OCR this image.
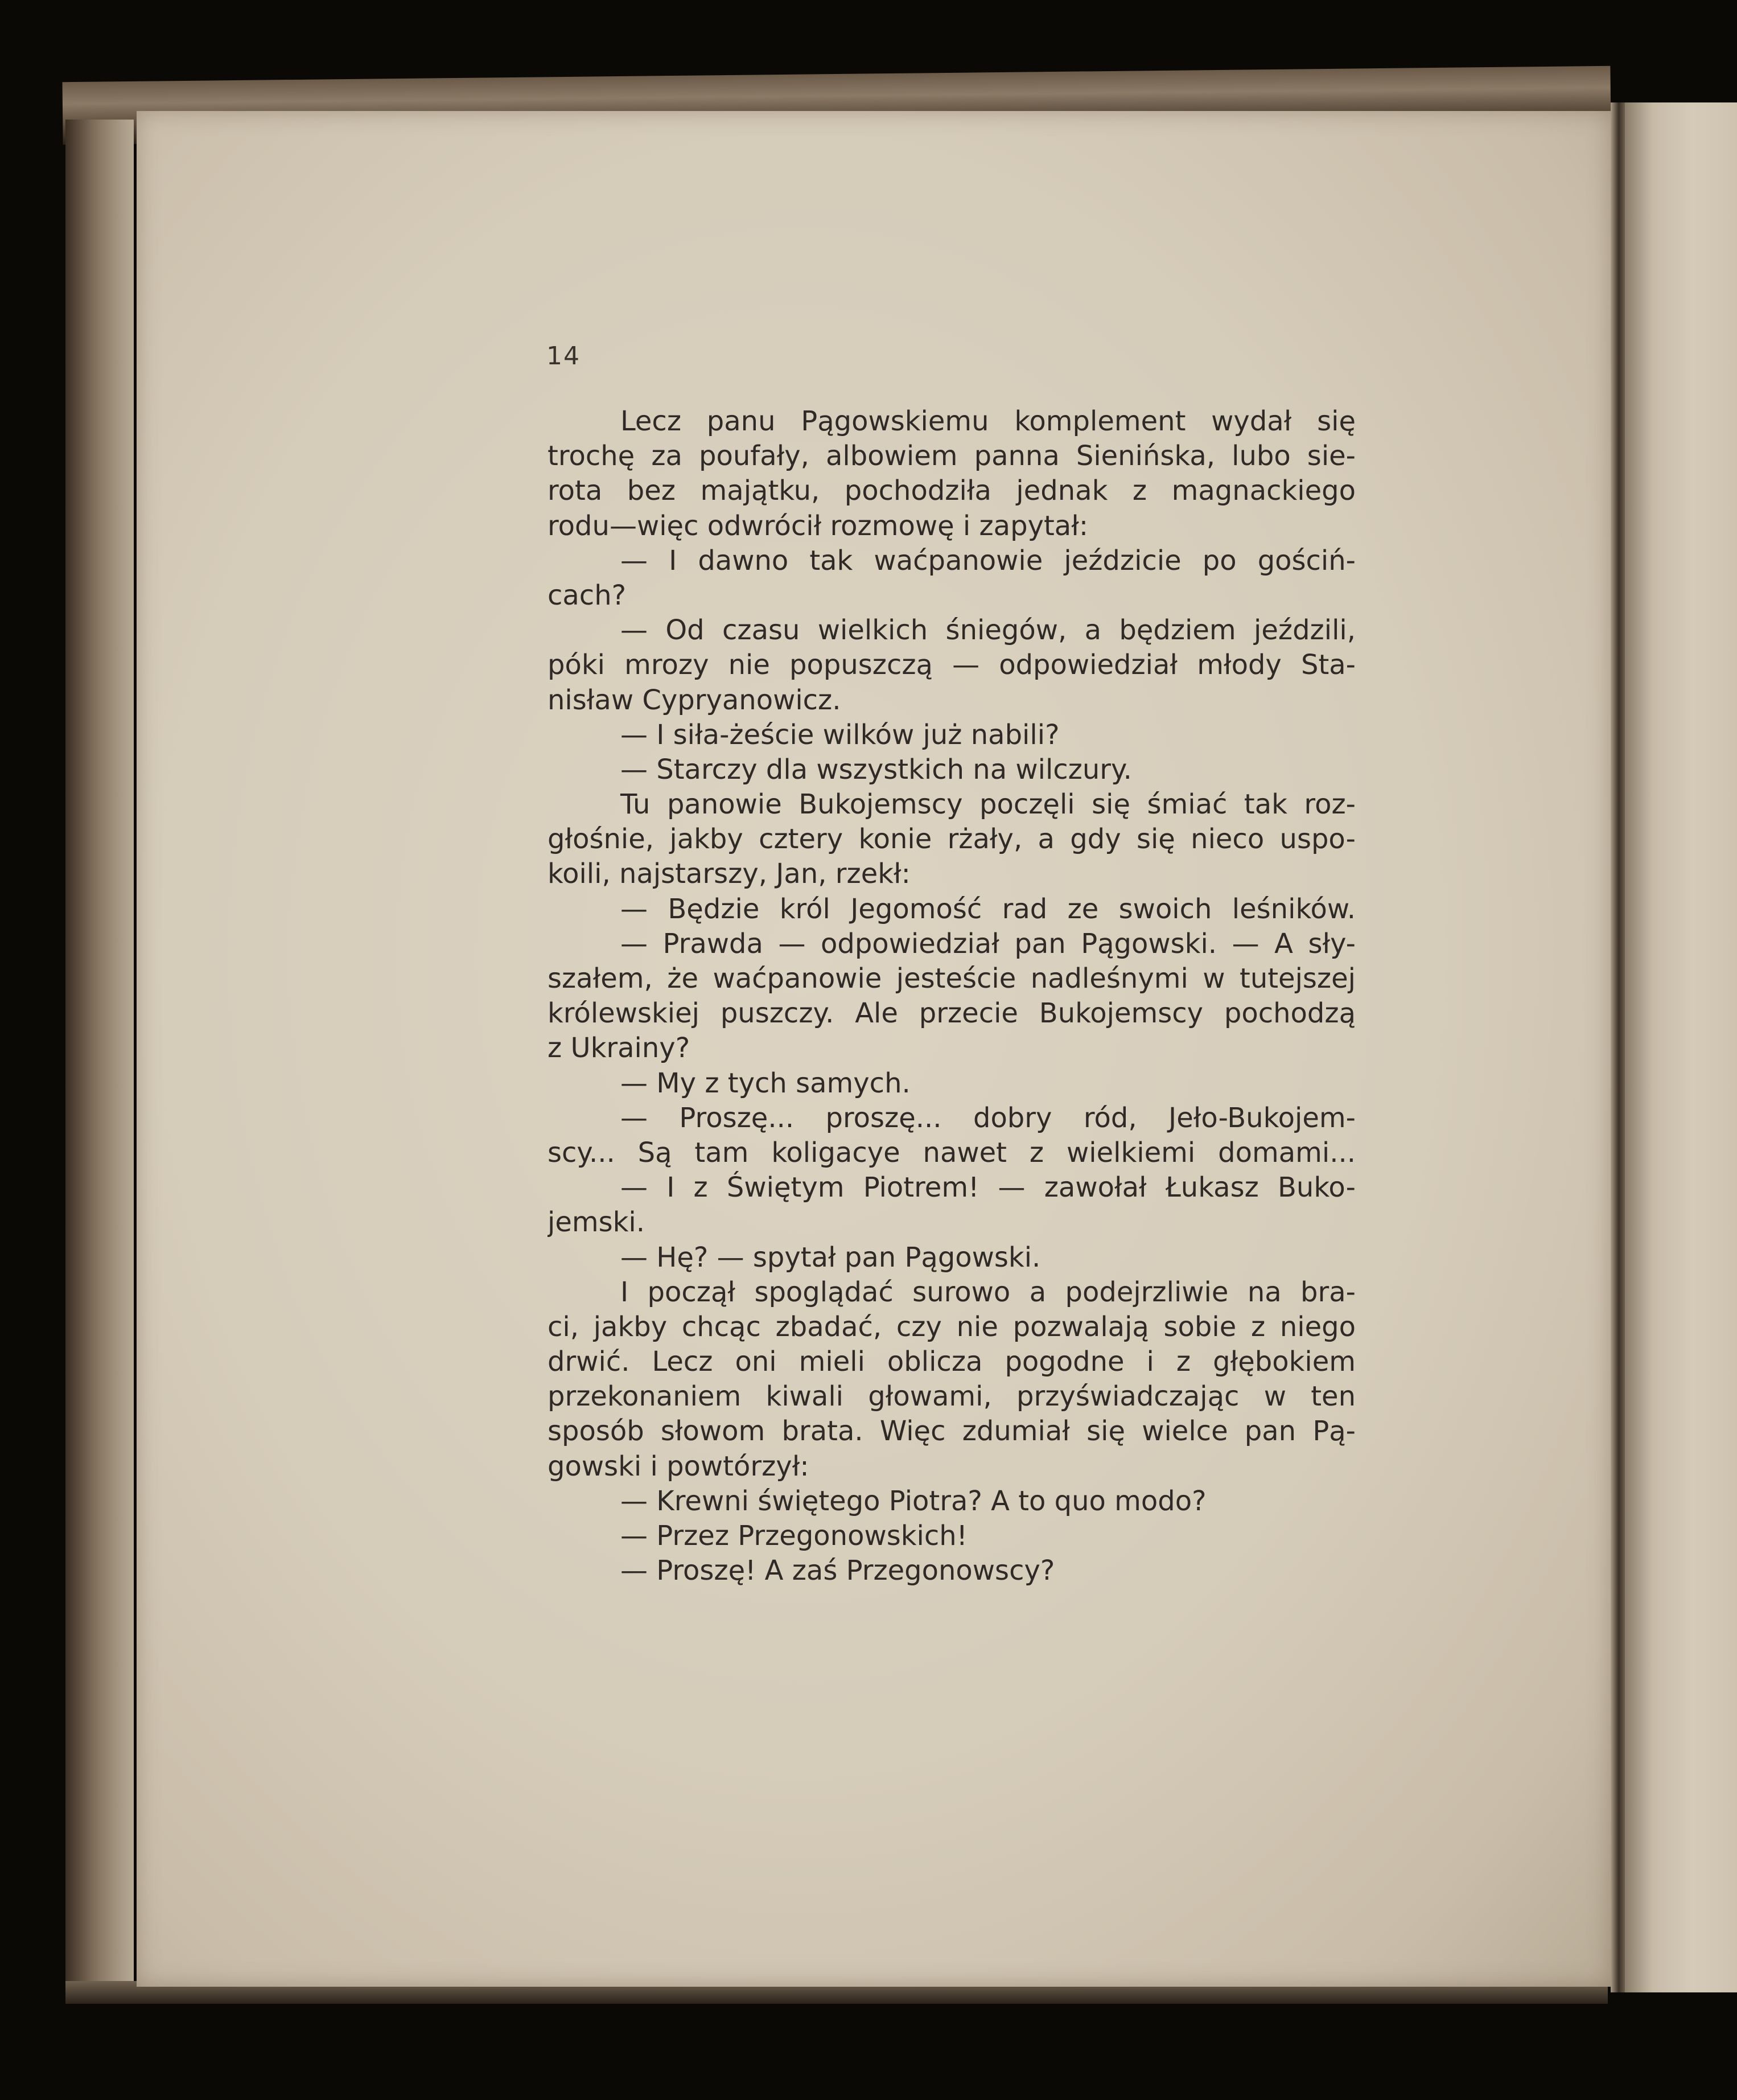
14
Lecz panu Pągowskiemu komplement wydał się
trochę za poufały, albowiem panna Sienińska, lubo sie-
rota bez majątku, pochodziła jednak z magnackiego
rodu—więc odwrócił rozmowę i zapytał:
— I dawno tak waćpanowie jeździcie po gościń-
cach?
— Od czasu wielkich śniegów, a będziem jeździli,
póki mrozy nie popuszczą — odpowiedział młody Sta-
nisław Cypryanowicz.
— I siła-żeście wilków już nabili?
— Starczy dla wszystkich na wilczury.
Tu panowie Bukojemscy poczęli się śmiać tak roz-
głośnie, jakby cztery konie rżały, a gdy się nieco uspo-
koili, najstarszy, Jan, rzekł:
— Będzie król Jegomość rad ze swoich leśników.
— Prawda — odpowiedział pan Pągowski. — A sły-
szałem, że waćpanowie jesteście nadleśnymi w tutejszej
królewskiej puszczy. Ale przecie Bukojemscy pochodzą
z Ukrainy?
— My z tych samych.
— Proszę... proszę... dobry ród, Jeło-Bukojem-
scy... Są tam koligacye nawet z wielkiemi domami...
— I z Świętym Piotrem! — zawołał Łukasz Buko-
jemski.
— Hę? — spytał pan Pągowski.
I począł spoglądać surowo a podejrzliwie na bra-
ci, jakby chcąc zbadać, czy nie pozwalają sobie z niego
drwić. Lecz oni mieli oblicza pogodne i z głębokiem
przekonaniem kiwali głowami, przyświadczając w ten
sposób słowom brata. Więc zdumiał się wielce pan Pą-
gowski i powtórzył:
— Krewni świętego Piotra? A to quo modo?
— Przez Przegonowskich!
— Proszę! A zaś Przegonowscy?
